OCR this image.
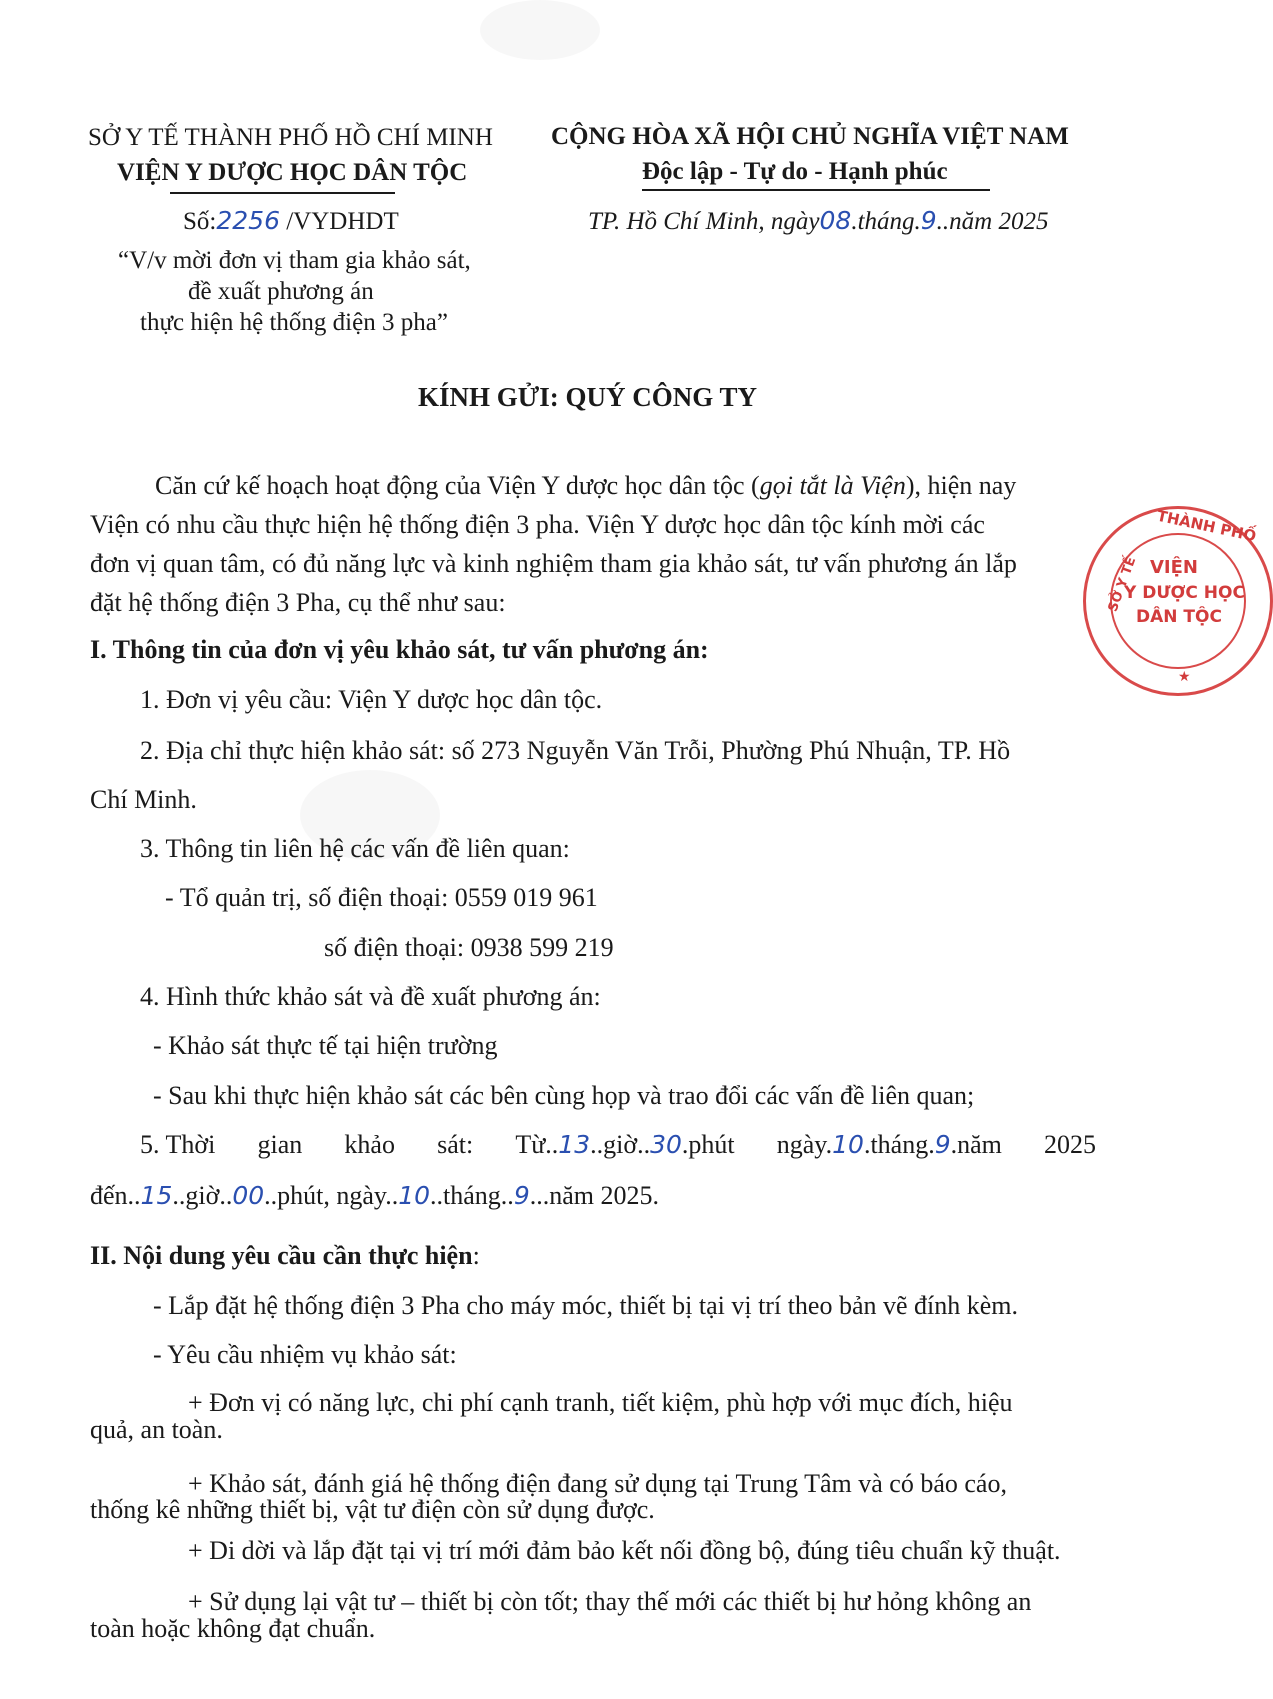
SỞ Y TẾ THÀNH PHỐ HỒ CHÍ MINH
VIỆN Y DƯỢC HỌC DÂN TỘC
Số:2256 /VYDHDT
“V/v mời đơn vị tham gia khảo sát,
đề xuất phương án
thực hiện hệ thống điện 3 pha”
CỘNG HÒA XÃ HỘI CHỦ NGHĨA VIỆT NAM
Độc lập - Tự do - Hạnh phúc
TP. Hồ Chí Minh, ngày08.tháng.9..năm 2025
KÍNH GỬI: QUÝ CÔNG TY
Căn cứ kế hoạch hoạt động của Viện Y dược học dân tộc (gọi tắt là Viện), hiện nay
Viện có nhu cầu thực hiện hệ thống điện 3 pha. Viện Y dược học dân tộc kính mời các
đơn vị quan tâm, có đủ năng lực và kinh nghiệm tham gia khảo sát, tư vấn phương án lắp
đặt hệ thống điện 3 Pha, cụ thể như sau:
I. Thông tin của đơn vị yêu khảo sát, tư vấn phương án:
1. Đơn vị yêu cầu: Viện Y dược học dân tộc.
2. Địa chỉ thực hiện khảo sát: số 273 Nguyễn Văn Trỗi, Phường Phú Nhuận, TP. Hồ
Chí Minh.
3. Thông tin liên hệ các vấn đề liên quan:
- Tổ quản trị, số điện thoại: 0559 019 961
số điện thoại: 0938 599 219
4. Hình thức khảo sát và đề xuất phương án:
- Khảo sát thực tế tại hiện trường
- Sau khi thực hiện khảo sát các bên cùng họp và trao đổi các vấn đề liên quan;
5. Thời gian khảo sát: Từ..13..giờ..30.phút ngày.10.tháng.9.năm 2025
đến..15..giờ..00..phút, ngày..10..tháng..9...năm 2025.
II. Nội dung yêu cầu cần thực hiện:
- Lắp đặt hệ thống điện 3 Pha cho máy móc, thiết bị tại vị trí theo bản vẽ đính kèm.
- Yêu cầu nhiệm vụ khảo sát:
+ Đơn vị có năng lực, chi phí cạnh tranh, tiết kiệm, phù hợp với mục đích, hiệu
quả, an toàn.
+ Khảo sát, đánh giá hệ thống điện đang sử dụng tại Trung Tâm và có báo cáo,
thống kê những thiết bị, vật tư điện còn sử dụng được.
+ Di dời và lắp đặt tại vị trí mới đảm bảo kết nối đồng bộ, đúng tiêu chuẩn kỹ thuật.
+ Sử dụng lại vật tư – thiết bị còn tốt; thay thế mới các thiết bị hư hỏng không an
toàn hoặc không đạt chuẩn.
THÀNH PHỐ
SỞ Y TẾ VIỆN
Y DƯỢC HỌC
DÂN TỘC
★
